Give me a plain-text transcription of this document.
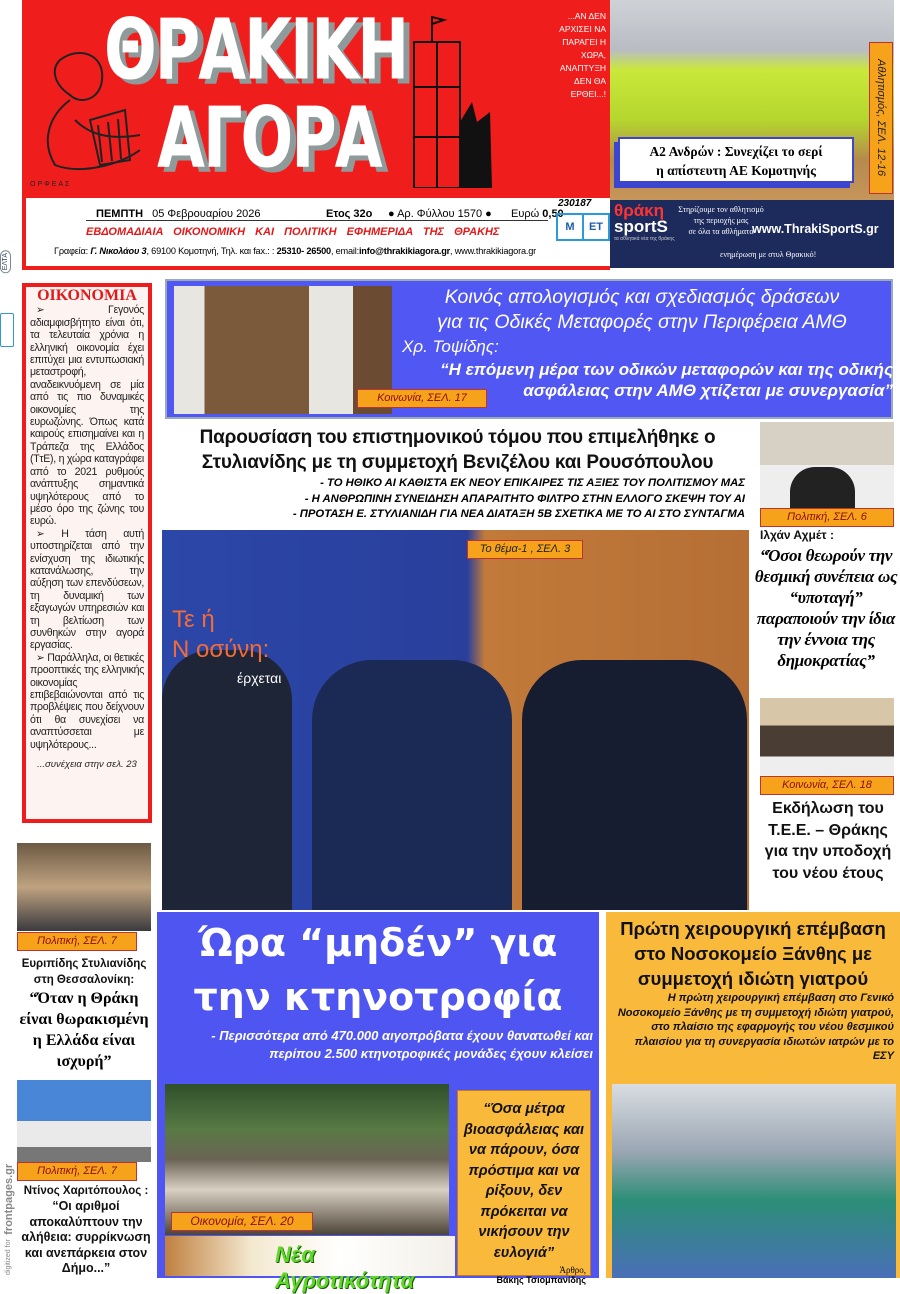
ΕΛΤΑ
ΟΡΦΕΑΣ
ΘΡΑΚΙΚΗ
ΑΓΟΡΑ
...ΑΝ ΔΕΝ ΑΡΧΙΣΕΙ ΝΑ ΠΑΡΑΓΕΙ Η ΧΩΡΑ, ΑΝΑΠΤΥΞΗ ΔΕΝ ΘΑ ΕΡΘΕΙ...!
ΠΕΜΠΤΗ 05 Φεβρουαρίου 2026	Ετος 32ο ● Αρ. Φύλλου 1570 ● Ευρώ 0,50
230187
Μ	ΕΤ
ΕΒΔΟΜΑΔΙΑΙΑ ΟΙΚΟΝΟΜΙΚΗ ΚΑΙ ΠΟΛΙΤΙΚΗ ΕΦΗΜΕΡΙΔΑ ΤΗΣ ΘΡΑΚΗΣ
Γραφεία: Γ. Νικολάου 3, 69100 Κομοτηνή, Τηλ. και fax.: : 25310- 26500, email:info@thrakikiagora.gr, www.thrakikiagora.gr
Αθλητισμός, ΣΕΛ. 12-16
Α2 Ανδρών : Συνεχίζει το σερί
η απίστευτη ΑΕ Κομοτηνής
θράκη
sportS
τα αθλητικά νέα της θράκης
Στηρίζουμε τον αθλητισμό
της περιοχής μας
σε όλα τα αθλήματα
www.ThrakiSportS.gr
ενημέρωση με στυλ Θρακικό!
ΟΙΚΟΝΟΜΙΑ

➢ Γεγονός αδιαμφισβήτητο είναι ότι, τα τελευταία χρόνια η ελληνική οικονομία έχει επιτύχει μια εντυπωσιακή μεταστροφή, αναδεικνυόμενη σε μία από τις πιο δυναμικές οικονομίες της ευρωζώνης. Όπως κατά καιρούς επισημαίνει και η Τράπεζα της Ελλάδος (ΤτΕ), η χώρα καταγράφει από το 2021 ρυθμούς ανάπτυξης σημαντικά υψηλότερους από το μέσο όρο της ζώνης του ευρώ.

➢ Η τάση αυτή υποστηρίζεται από την ενίσχυση της ιδιωτικής κατανάλωσης, την αύξηση των επενδύσεων, τη δυναμική των εξαγωγών υπηρεσιών και τη βελτίωση των συνθηκών στην αγορά εργασίας.

➢ Παράλληλα, οι θετικές προοπτικές της ελληνικής οικονομίας επιβεβαιώνονται από τις προβλέψεις που δείχνουν ότι θα συνεχίσει να αναπτύσσεται με υψηλότερους...

...συνέχεια στην σελ. 23

Κοινωνία, ΣΕΛ. 17
Κοινός απολογισμός και σχεδιασμός δράσεων
για τις Οδικές Μεταφορές στην Περιφέρεια ΑΜΘ
Χρ. Τοψίδης:
“Η επόμενη μέρα των οδικών μεταφορών και της οδικής
ασφάλειας στην ΑΜΘ χτίζεται με συνεργασία”
Παρουσίαση του επιστημονικού τόμου που επιμελήθηκε ο
Στυλιανίδης με τη συμμετοχή Βενιζέλου και Ρουσόπουλου
- ΤΟ ΗΘΙΚΟ ΑΙ ΚΑΘΙΣΤΑ ΕΚ ΝΕΟΥ ΕΠΙΚΑΙΡΕΣ ΤΙΣ ΑΞΙΕΣ ΤΟΥ ΠΟΛΙΤΙΣΜΟΥ ΜΑΣ
- Η ΑΝΘΡΩΠΙΝΗ ΣΥΝΕΙΔΗΣΗ ΑΠΑΡΑΙΤΗΤΟ ΦΙΛΤΡΟ ΣΤΗΝ ΕΛΛΟΓΟ ΣΚΕΨΗ ΤΟΥ ΑΙ
- ΠΡΟΤΑΣΗ Ε. ΣΤΥΛΙΑΝΙΔΗ ΓΙΑ ΝΕΑ ΔΙΑΤΑΞΗ 5Β ΣΧΕΤΙΚΑ ΜΕ ΤΟ ΑΙ ΣΤΟ ΣΥΝΤΑΓΜΑ
Τε ή
Ν οσύνη:
έρχεται
Το θέμα-1 , ΣΕΛ. 3
Πολιτική, ΣΕΛ. 6
Ιλχάν Αχμέτ :
“Όσοι θεωρούν την θεσμική συνέπεια ως “υποταγή” παραποιούν την ίδια την έννοια της δημοκρατίας”
Κοινωνία, ΣΕΛ. 18
Εκδήλωση του Τ.Ε.Ε. – Θράκης για την υποδοχή του νέου έτους
Πολιτική, ΣΕΛ. 7
Ευριπίδης Στυλιανίδης στη Θεσσαλονίκη:
“Όταν η Θράκη είναι θωρακισμένη η Ελλάδα είναι ισχυρή”
Πολιτική, ΣΕΛ. 7
Ντίνος Χαριτόπουλος :
“Οι αριθμοί αποκαλύπτουν την αλήθεια: συρρίκνωση και ανεπάρκεια στον Δήμο...”
digitized for frontpages.gr
Ώρα “μηδέν” για
την κτηνοτροφία
- Περισσότερα από 470.000 αιγοπρόβατα έχουν θανατωθεί και περίπου 2.500 κτηνοτροφικές μονάδες έχουν κλείσει
Οικονομία, ΣΕΛ. 20
Νέα Αγροτικότητα
“Όσα μέτρα βιοασφάλειας και να πάρουν, όσα πρόστιμα και να ρίξουν, δεν πρόκειται να νικήσουν την ευλογιά”
Άρθρο,
Βάκης Τσιομπανίδης
Πρώτη χειρουργική επέμβαση στο Νοσοκομείο Ξάνθης με συμμετοχή ιδιώτη γιατρού
Η πρώτη χειρουργική επέμβαση στο Γενικό Νοσοκομείο Ξάνθης με τη συμμετοχή ιδιώτη γιατρού, στο πλαίσιο της εφαρμογής του νέου θεσμικού πλαισίου για τη συνεργασία ιδιωτών ιατρών με το ΕΣΥ
